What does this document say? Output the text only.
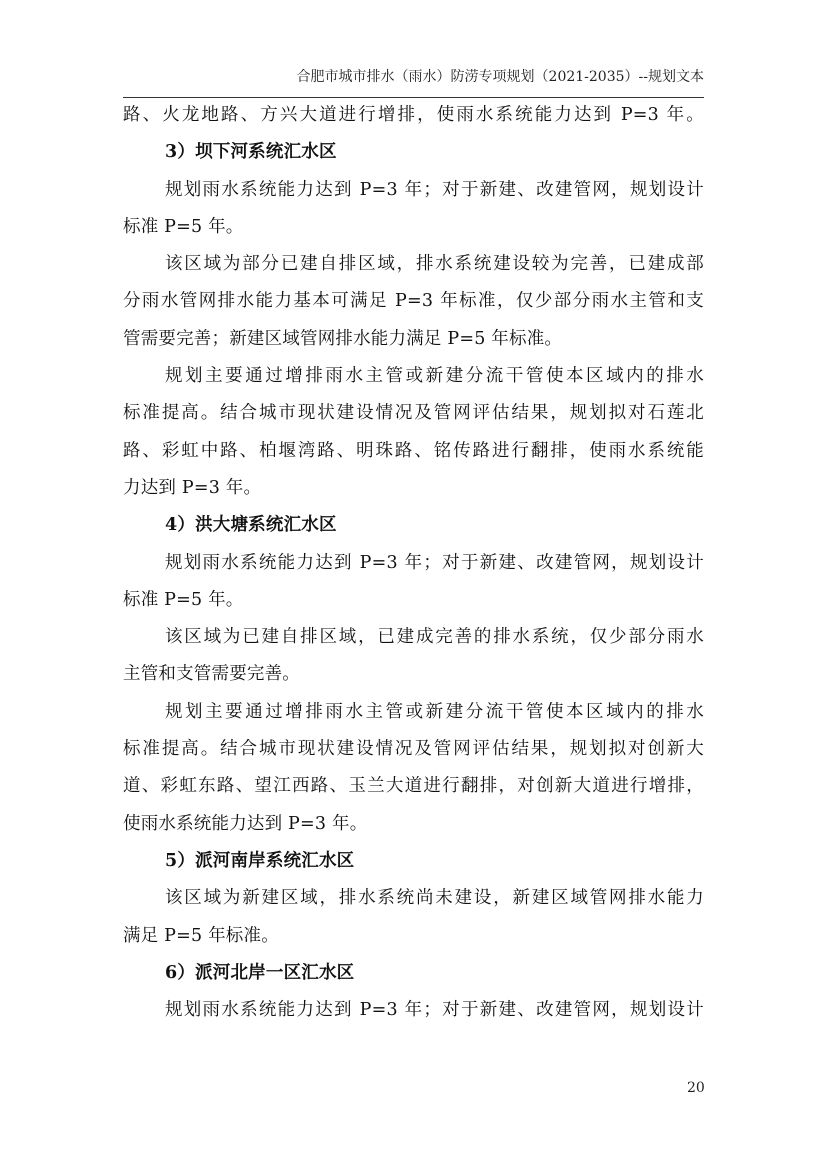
合肥市城市排水（雨水）防涝专项规划（2021-2035）--规划文本
路、火龙地路、方兴大道进行增排，使雨水系统能力达到 P=3 年。
3）坝下河系统汇水区
规划雨水系统能力达到 P=3 年；对于新建、改建管网，规划设计
标准 P=5 年。
该区域为部分已建自排区域，排水系统建设较为完善，已建成部
分雨水管网排水能力基本可满足 P=3 年标准，仅少部分雨水主管和支
管需要完善；新建区域管网排水能力满足 P=5 年标准。
规划主要通过增排雨水主管或新建分流干管使本区域内的排水
标准提高。结合城市现状建设情况及管网评估结果，规划拟对石莲北
路、彩虹中路、柏堰湾路、明珠路、铭传路进行翻排，使雨水系统能
力达到 P=3 年。
4）洪大塘系统汇水区
规划雨水系统能力达到 P=3 年；对于新建、改建管网，规划设计
标准 P=5 年。
该区域为已建自排区域，已建成完善的排水系统，仅少部分雨水
主管和支管需要完善。
规划主要通过增排雨水主管或新建分流干管使本区域内的排水
标准提高。结合城市现状建设情况及管网评估结果，规划拟对创新大
道、彩虹东路、望江西路、玉兰大道进行翻排，对创新大道进行增排，
使雨水系统能力达到 P=3 年。
5）派河南岸系统汇水区
该区域为新建区域，排水系统尚未建设，新建区域管网排水能力
满足 P=5 年标准。
6）派河北岸一区汇水区
规划雨水系统能力达到 P=3 年；对于新建、改建管网，规划设计
20
